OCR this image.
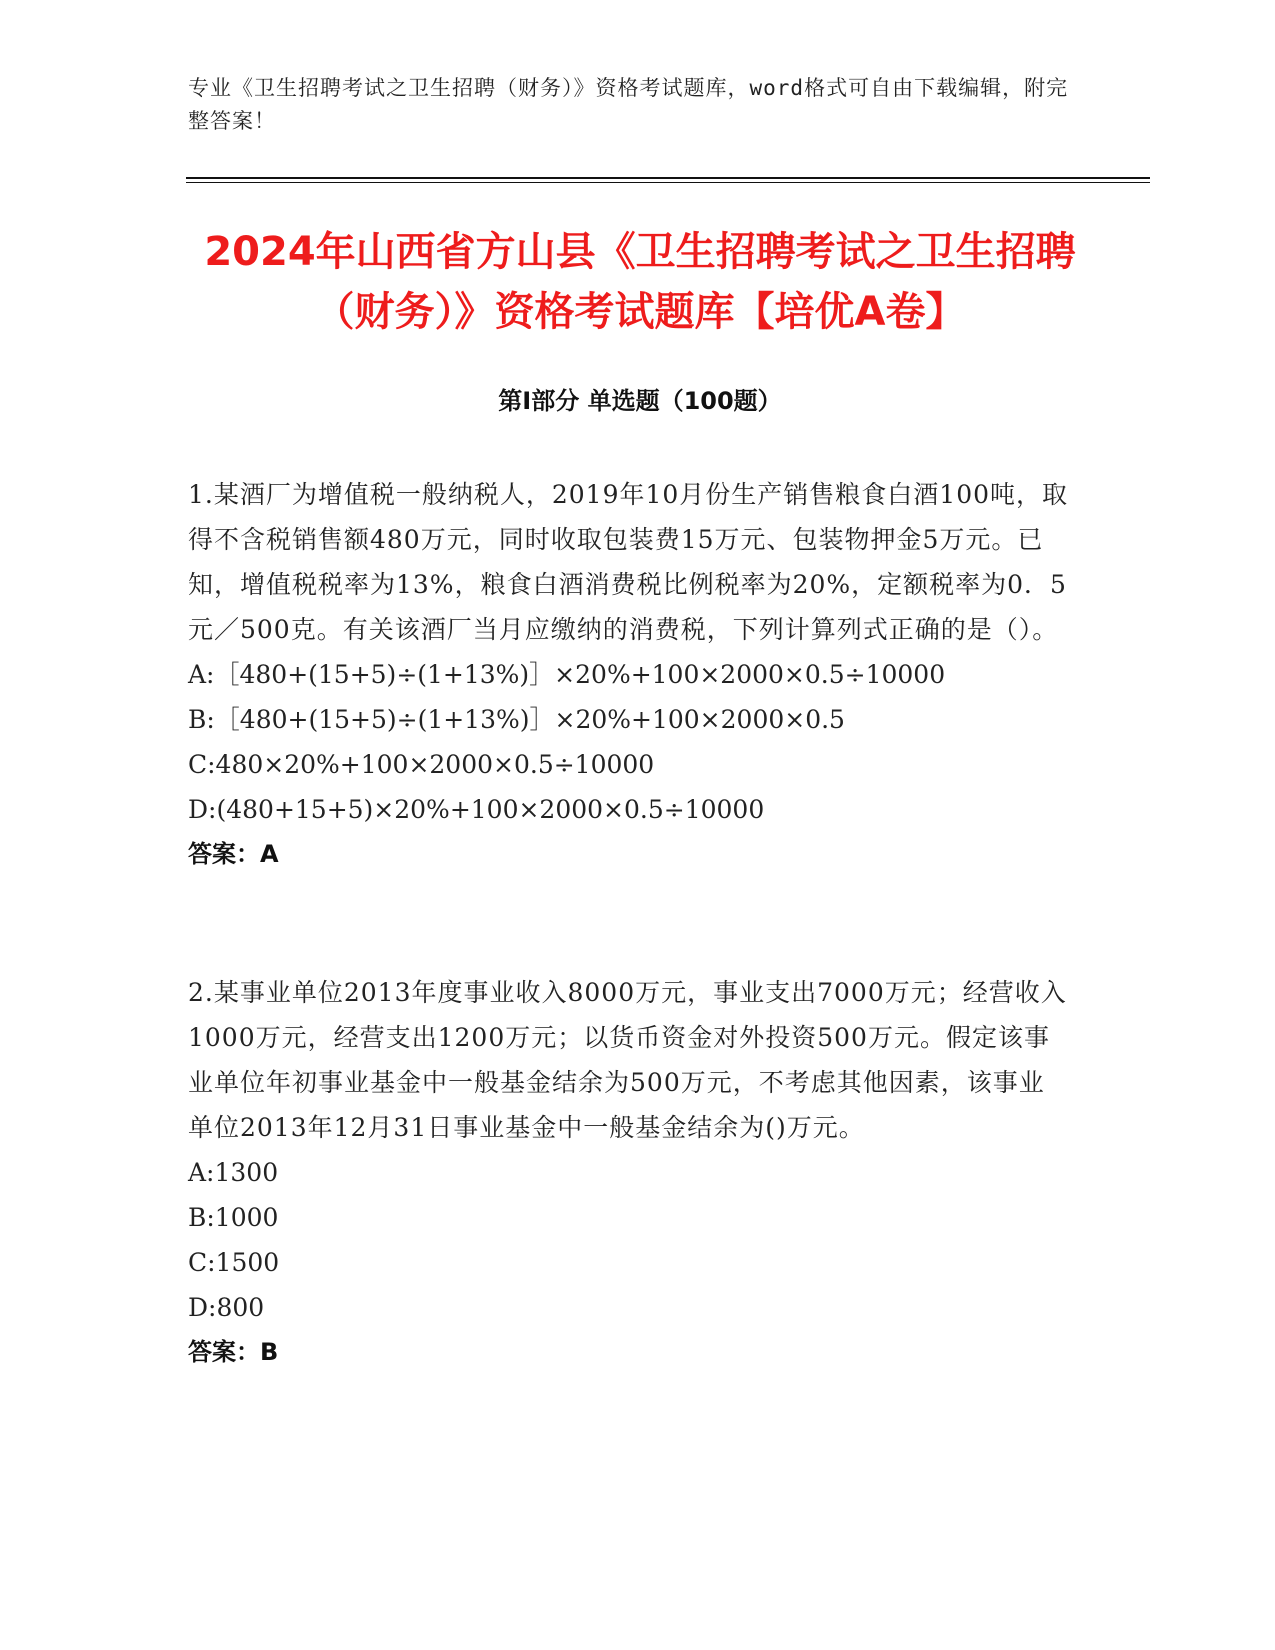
专业《卫生招聘考试之卫生招聘（财务）》资格考试题库，word格式可自由下载编辑，附完整答案！
2024年山西省方山县《卫生招聘考试之卫生招聘（财务）》资格考试题库【培优A卷】
第I部分 单选题（100题）

1.某酒厂为增值税一般纳税人，2019年10月份生产销售粮食白酒100吨，取得不含税销售额480万元，同时收取包装费15万元、包装物押金5万元。已知，增值税税率为13%，粮食白酒消费税比例税率为20%，定额税率为0．5元／500克。有关该酒厂当月应缴纳的消费税，下列计算列式正确的是（）。

A:［480+(15+5)÷(1+13%)］×20%+100×2000×0.5÷10000

B:［480+(15+5)÷(1+13%)］×20%+100×2000×0.5

C:480×20%+100×2000×0.5÷10000

D:(480+15+5)×20%+100×2000×0.5÷10000

答案：A

2.某事业单位2013年度事业收入8000万元，事业支出7000万元；经营收入1000万元，经营支出1200万元；以货币资金对外投资500万元。假定该事业单位年初事业基金中一般基金结余为500万元，不考虑其他因素，该事业单位2013年12月31日事业基金中一般基金结余为()万元。

A:1300

B:1000

C:1500

D:800

答案：B
